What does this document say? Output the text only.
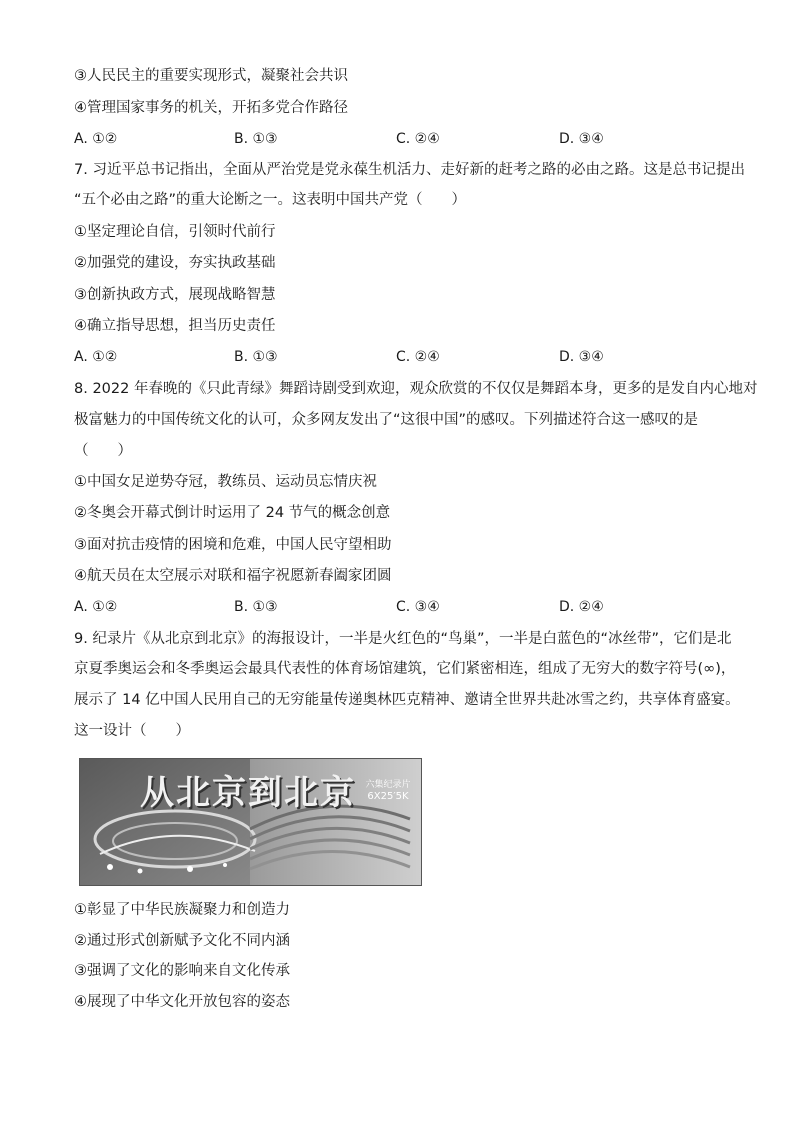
③人民民主的重要实现形式，凝聚社会共识
④管理国家事务的机关，开拓多党合作路径
A. ①②	B. ①③	C. ②④	D. ③④
7. 习近平总书记指出，全面从严治党是党永葆生机活力、走好新的赶考之路的必由之路。这是总书记提出
“五个必由之路”的重大论断之一。这表明中国共产党（　　）
①坚定理论自信，引领时代前行
②加强党的建设，夯实执政基础
③创新执政方式，展现战略智慧
④确立指导思想，担当历史责任
A. ①②	B. ①③	C. ②④	D. ③④
8. 2022 年春晚的《只此青绿》舞蹈诗剧受到欢迎，观众欣赏的不仅仅是舞蹈本身，更多的是发自内心地对
极富魅力的中国传统文化的认可，众多网友发出了“这很中国”的感叹。下列描述符合这一感叹的是
（　　）
①中国女足逆势夺冠，教练员、运动员忘情庆祝
②冬奥会开幕式倒计时运用了 24 节气的概念创意
③面对抗击疫情的困境和危难，中国人民守望相助
④航天员在太空展示对联和福字祝愿新春阖家团圆
A. ①②	B. ①③	C. ③④	D. ②④
9. 纪录片《从北京到北京》的海报设计，一半是火红色的“鸟巢”，一半是白蓝色的“冰丝带”，它们是北
京夏季奥运会和冬季奥运会最具代表性的体育场馆建筑，它们紧密相连，组成了无穷大的数字符号(∞)，
展示了 14 亿中国人民用自己的无穷能量传递奥林匹克精神、邀请全世界共赴冰雪之约，共享体育盛宴。
这一设计（　　）
①彰显了中华民族凝聚力和创造力
②通过形式创新赋予文化不同内涵
③强调了文化的影响来自文化传承
④展现了中华文化开放包容的姿态
从北京到北京	六集纪录片
6X25′5K
